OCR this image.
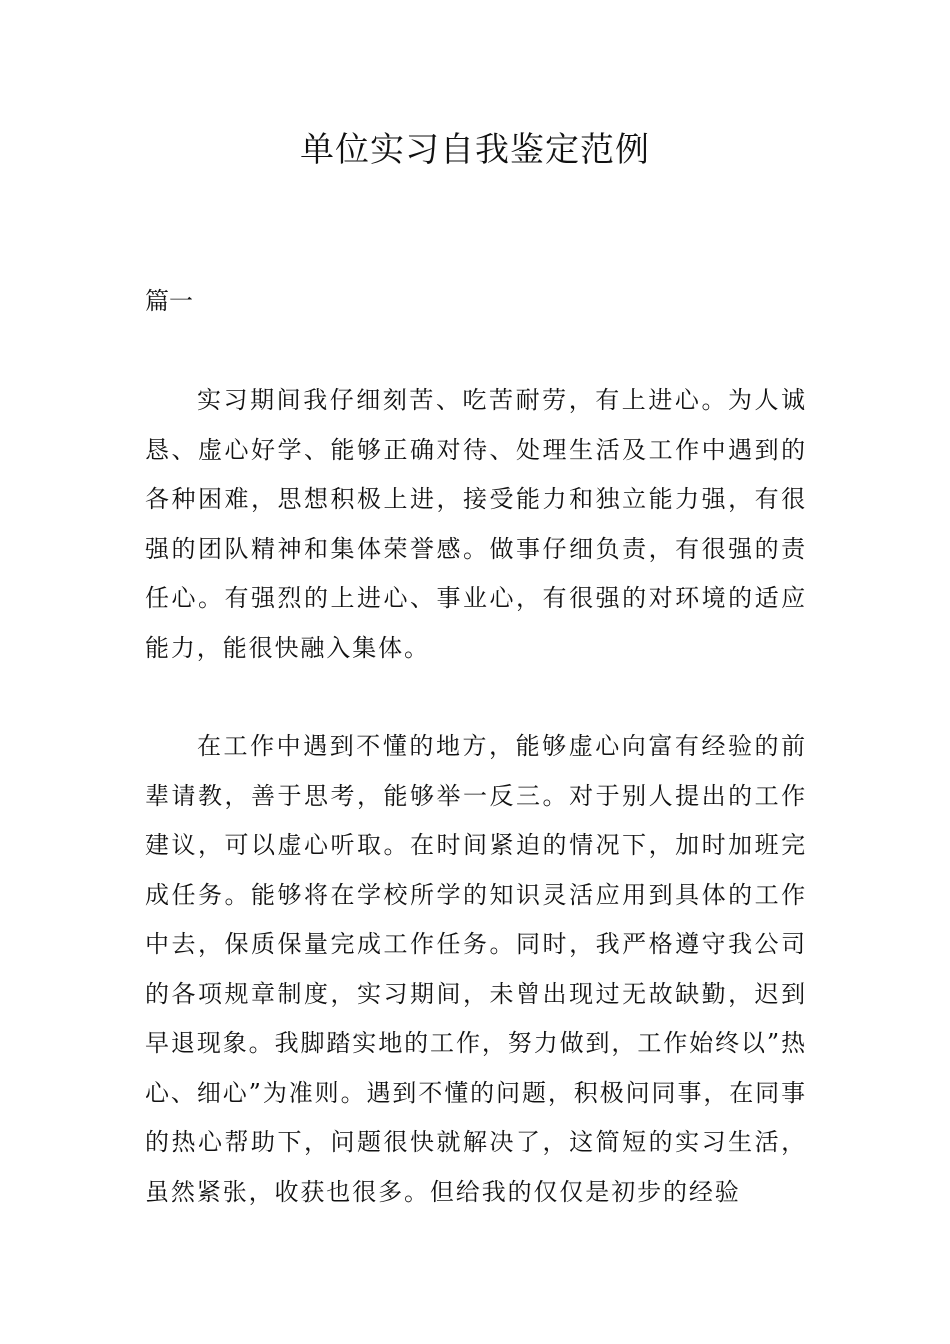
单位实习自我鉴定范例

篇一

实习期间我仔细刻苦、吃苦耐劳，有上进心。为人诚恳、虚心好学、能够正确对待、处理生活及工作中遇到的各种困难，思想积极上进，接受能力和独立能力强，有很强的团队精神和集体荣誉感。做事仔细负责，有很强的责任心。有强烈的上进心、事业心，有很强的对环境的适应能力，能很快融入集体。

在工作中遇到不懂的地方，能够虚心向富有经验的前辈请教，善于思考，能够举一反三。对于别人提出的工作建议，可以虚心听取。在时间紧迫的情况下，加时加班完成任务。能够将在学校所学的知识灵活应用到具体的工作中去，保质保量完成工作任务。同时，我严格遵守我公司的各项规章制度，实习期间，未曾出现过无故缺勤，迟到早退现象。我脚踏实地的工作，努力做到，工作始终以”热心、细心”为准则。遇到不懂的问题，积极问同事，在同事的热心帮助下，问题很快就解决了，这简短的实习生活，虽然紧张，收获也很多。但给我的仅仅是初步的经验
